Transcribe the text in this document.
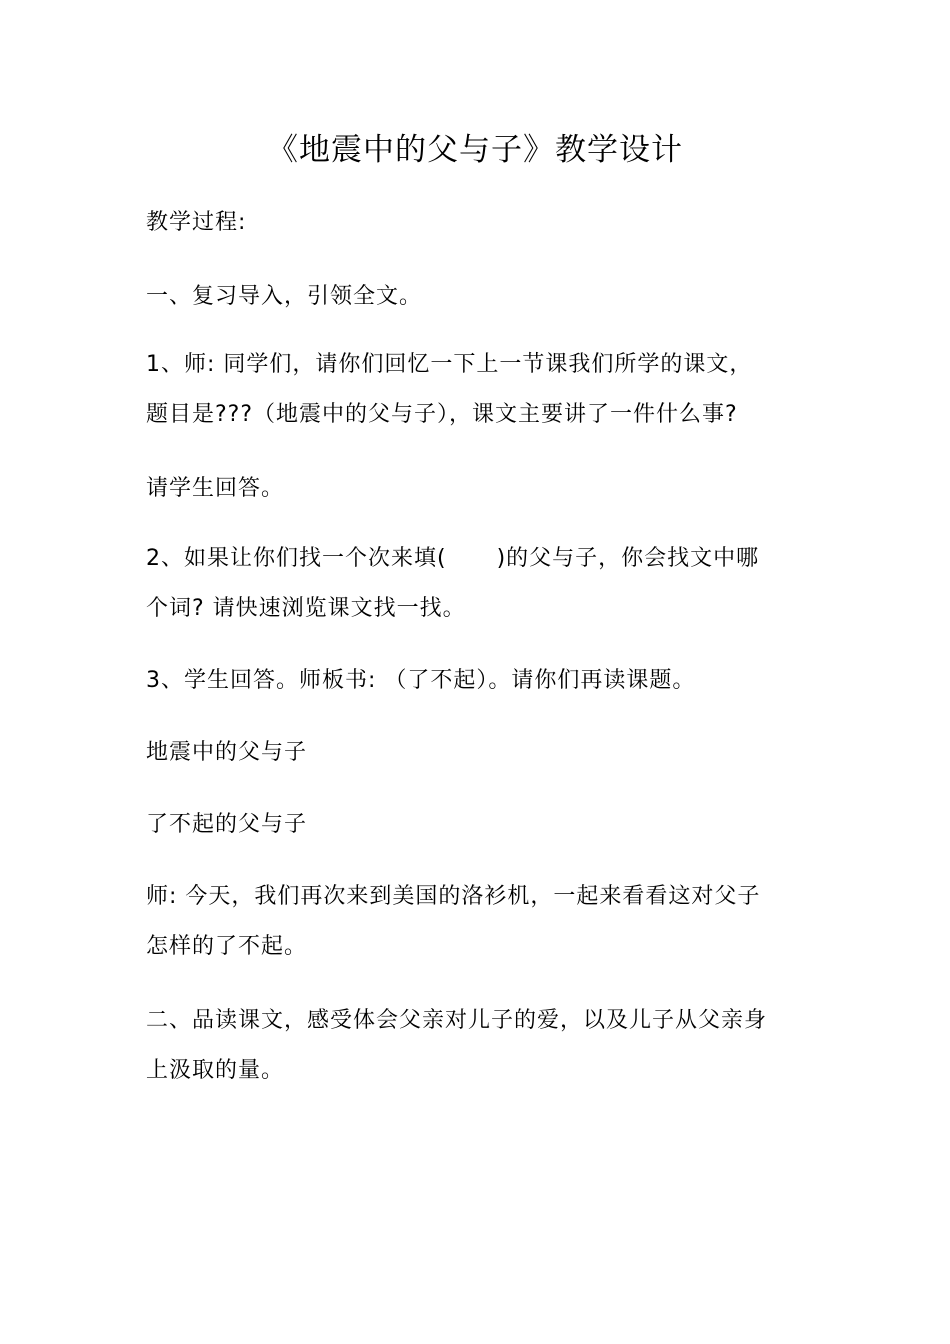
《地震中的父与子》教学设计
教学过程:
一、复习导入，引领全文。
1、师: 同学们，请你们回忆一下上一节课我们所学的课文，
题目是???（地震中的父与子），课文主要讲了一件什么事?
请学生回答。
2、如果让你们找一个次来填( )的父与子，你会找文中哪
个词? 请快速浏览课文找一找。
3、学生回答。师板书: （了不起）。请你们再读课题。
地震中的父与子
了不起的父与子
师: 今天，我们再次来到美国的洛衫机，一起来看看这对父子
怎样的了不起。
二、品读课文，感受体会父亲对儿子的爱，以及儿子从父亲身
上汲取的量。
